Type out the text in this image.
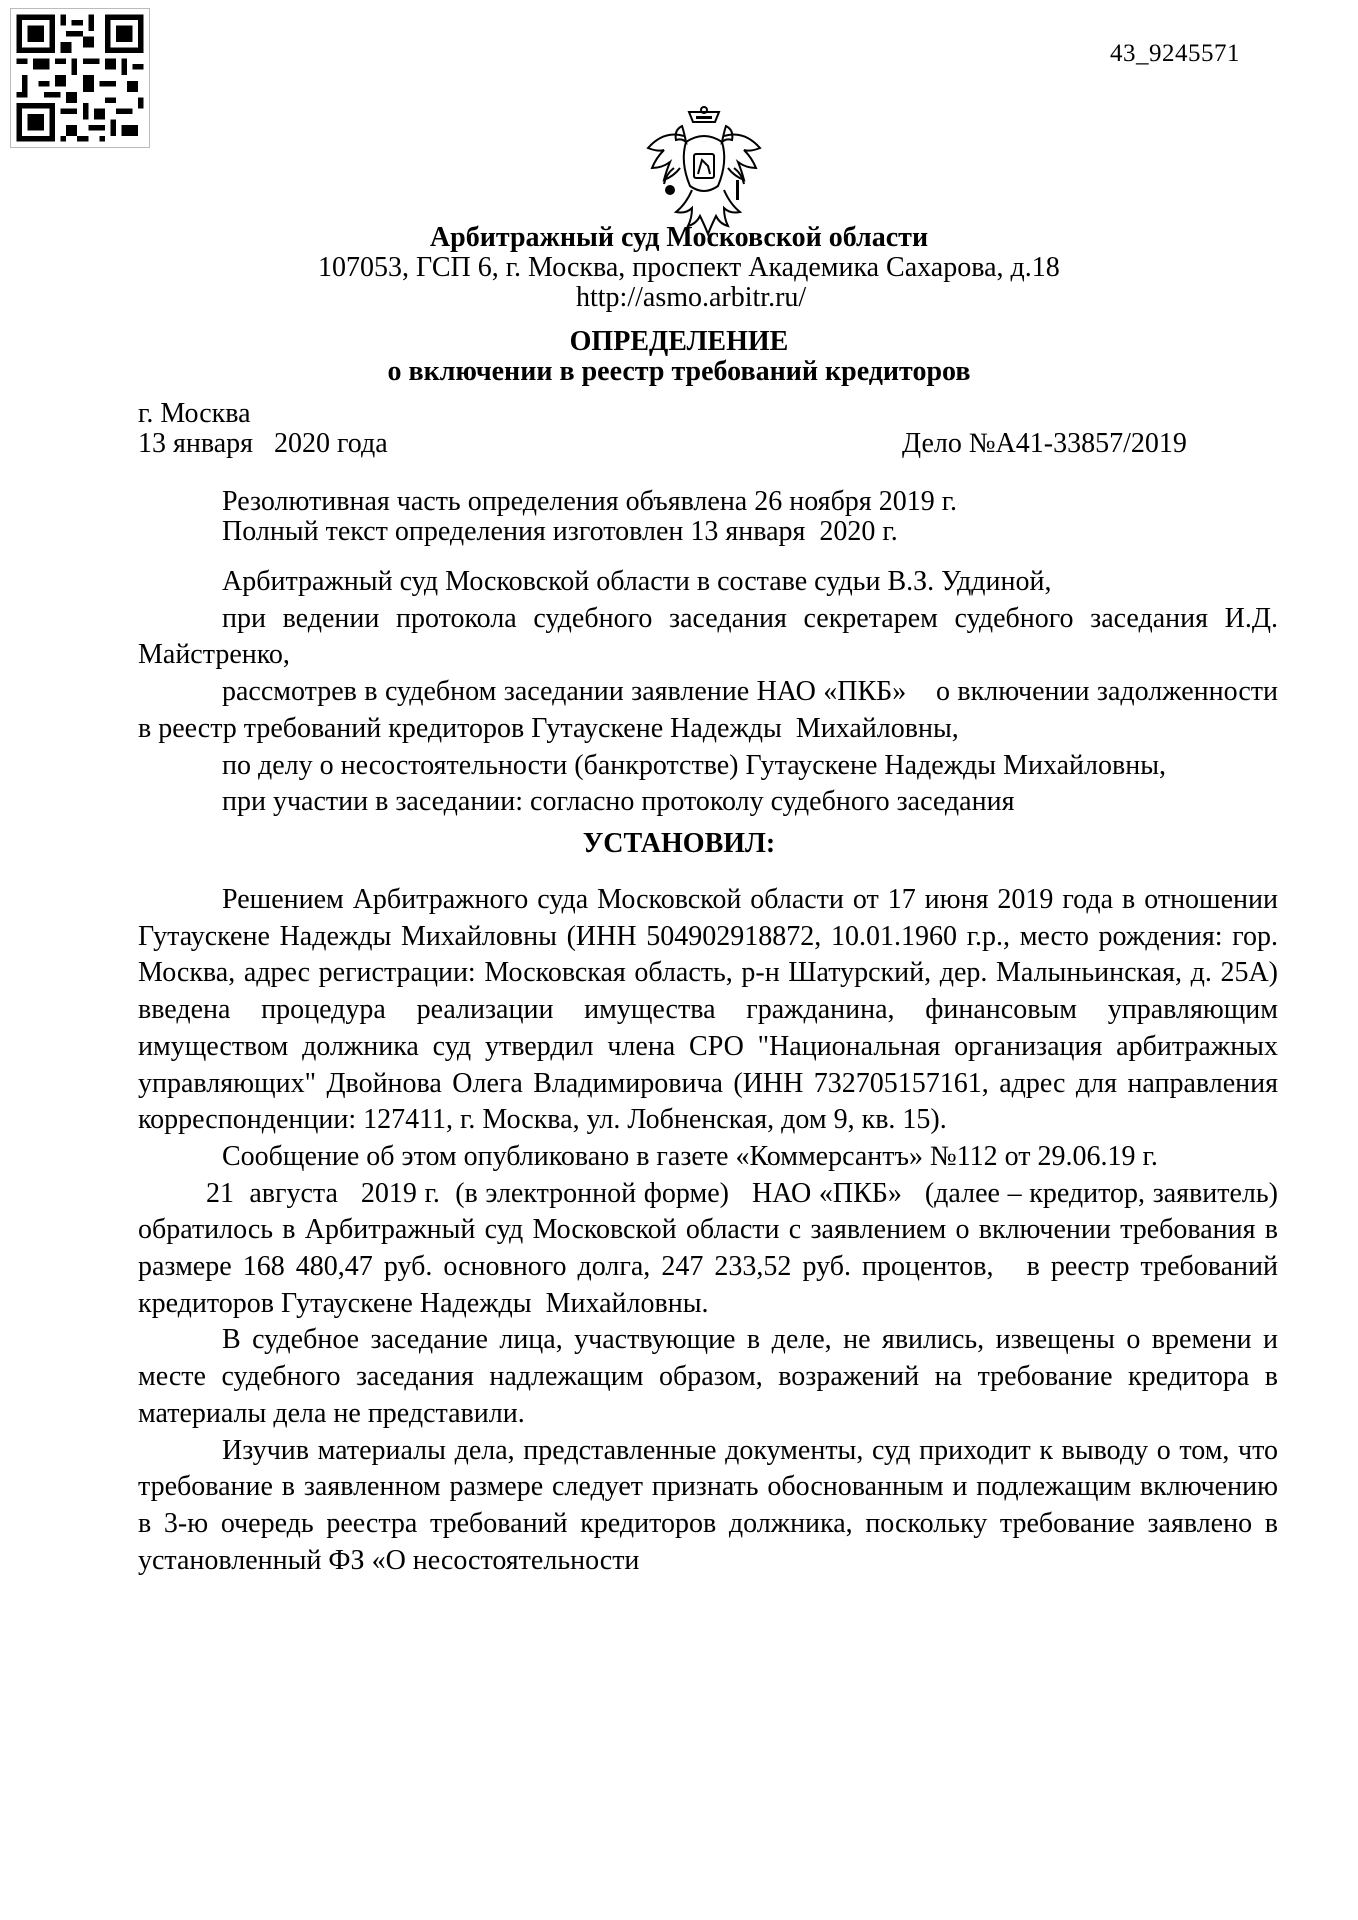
43_9245571
Арбитражный суд Московской области
107053, ГСП 6, г. Москва, проспект Академика Сахарова, д.18
http://asmo.arbitr.ru/
ОПРЕДЕЛЕНИЕ
о включении в реестр требований кредиторов
г. Москва
13 января   2020 года	Дело №А41-33857/2019
Резолютивная часть определения объявлена 26 ноября 2019 г.
Полный текст определения изготовлен 13 января  2020 г.

Арбитражный суд Московской области в составе судьи В.З. Уддиной,

при ведении протокола судебного заседания секретарем судебного заседания И.Д. Майстренко,

рассмотрев в судебном заседании заявление НАО «ПКБ»    о включении задолженности в реестр требований кредиторов Гутаускене Надежды  Михайловны,

по делу о несостоятельности (банкротстве) Гутаускене Надежды Михайловны,

при участии в заседании: согласно протоколу судебного заседания

УСТАНОВИЛ:

Решением Арбитражного суда Московской области от 17 июня 2019 года в отношении Гутаускене Надежды Михайловны (ИНН 504902918872, 10.01.1960 г.р., место рождения: гор. Москва, адрес регистрации: Московская область, р-н Шатурский, дер. Малыньинская, д. 25А) введена процедура реализации имущества гражданина, финансовым управляющим имуществом должника суд утвердил члена СРО "Национальная организация арбитражных управляющих" Двойнова Олега Владимировича (ИНН 732705157161, адрес для направления корреспонденции: 127411, г. Москва, ул. Лобненская, дом 9, кв. 15).

Сообщение об этом опубликовано в газете «Коммерсантъ» №112 от 29.06.19 г.

21  августа   2019 г.  (в электронной форме)   НАО «ПКБ»   (далее – кредитор, заявитель) обратилось в Арбитражный суд Московской области с заявлением о включении требования в размере 168 480,47 руб. основного долга, 247 233,52 руб. процентов,   в реестр требований кредиторов Гутаускене Надежды  Михайловны.

В судебное заседание лица, участвующие в деле, не явились, извещены о времени и месте судебного заседания надлежащим образом, возражений на требование кредитора в материалы дела не представили.

Изучив материалы дела, представленные документы, суд приходит к выводу о том, что требование в заявленном размере следует признать обоснованным и подлежащим включению в 3-ю очередь реестра требований кредиторов должника, поскольку требование заявлено в установленный ФЗ «О несостоятельности
